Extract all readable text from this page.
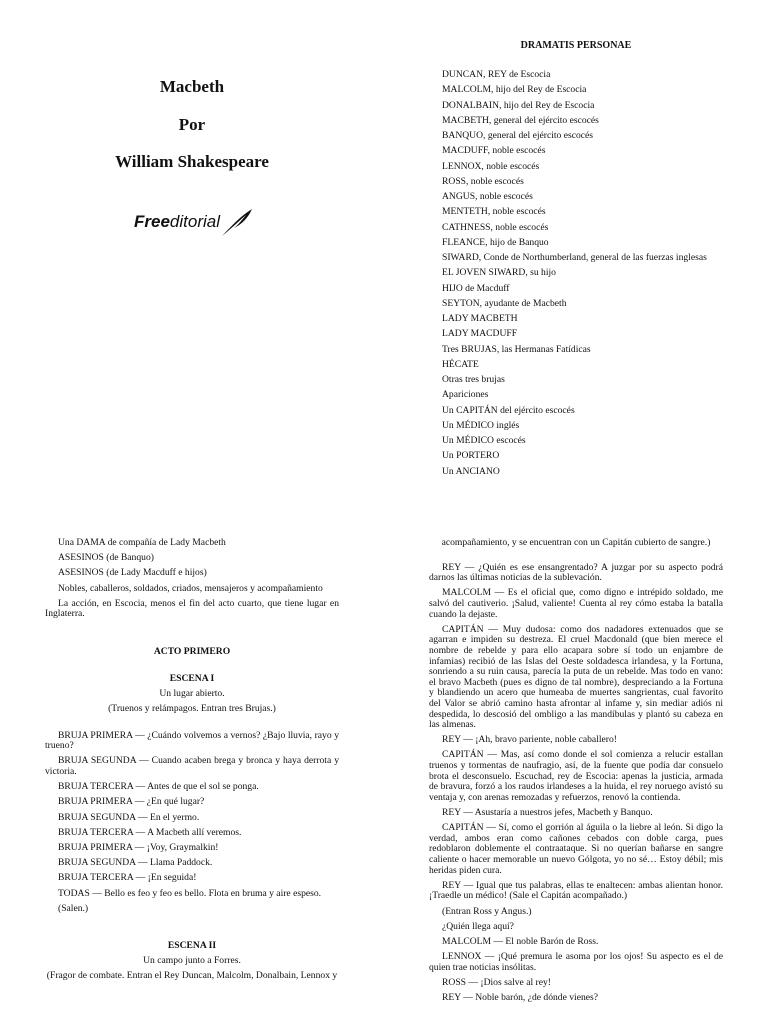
Macbeth
Por
William Shakespeare
Freeditorial
DRAMATIS PERSONAE
DUNCAN, REY de Escocia
MALCOLM, hijo del Rey de Escocia
DONALBAIN, hijo del Rey de Escocia
MACBETH, general del ejército escocés
BANQUO, general del ejército escocés
MACDUFF, noble escocés
LENNOX, noble escocés
ROSS, noble escocés
ANGUS, noble escocés
MENTETH, noble escocés
CATHNESS, noble escocés
FLEANCE, hijo de Banquo
SIWARD, Conde de Northumberland, general de las fuerzas inglesas
EL JOVEN SIWARD, su hijo
HIJO de Macduff
SEYTON, ayudante de Macbeth
LADY MACBETH
LADY MACDUFF
Tres BRUJAS, las Hermanas Fatídicas
HÉCATE
Otras tres brujas
Apariciones
Un CAPITÁN del ejército escocés
Un MÉDICO inglés
Un MÉDICO escocés
Un PORTERO
Un ANCIANO

Una DAMA de compañía de Lady Macbeth

ASESINOS (de Banquo)

ASESINOS (de Lady Macduff e hijos)

Nobles, caballeros, soldados, criados, mensajeros y acompañamiento

La acción, en Escocia, menos el fin del acto cuarto, que tiene lugar en Inglaterra.

ACTO PRIMERO

ESCENA I

Un lugar abierto.

(Truenos y relámpagos. Entran tres Brujas.)

BRUJA PRIMERA — ¿Cuándo volvemos a vernos? ¿Bajo lluvia, rayo y trueno?

BRUJA SEGUNDA — Cuando acaben brega y bronca y haya derrota y victoria.

BRUJA TERCERA — Antes de que el sol se ponga.

BRUJA PRIMERA — ¿En qué lugar?

BRUJA SEGUNDA — En el yermo.

BRUJA TERCERA — A Macbeth allí veremos.

BRUJA PRIMERA — ¡Voy, Graymalkin!

BRUJA SEGUNDA — Llama Paddock.

BRUJA TERCERA — ¡En seguida!

TODAS — Bello es feo y feo es bello. Flota en bruma y aire espeso.

(Salen.)

ESCENA II

Un campo junto a Forres.

(Fragor de combate. Entran el Rey Duncan, Malcolm, Donalbain, Lennox y

acompañamiento, y se encuentran con un Capitán cubierto de sangre.)

REY — ¿Quién es ese ensangrentado? A juzgar por su aspecto podrá darnos las últimas noticias de la sublevación.

MALCOLM — Es el oficial que, como digno e intrépido soldado, me salvó del cautiverio. ¡Salud, valiente! Cuenta al rey cómo estaba la batalla cuando la dejaste.

CAPITÁN — Muy dudosa: como dos nadadores extenuados que se agarran e impiden su destreza. El cruel Macdonald (que bien merece el nombre de rebelde y para ello acapara sobre sí todo un enjambre de infamias) recibió de las Islas del Oeste soldadesca irlandesa, y la Fortuna, sonriendo a su ruin causa, parecía la puta de un rebelde. Mas todo en vano: el bravo Macbeth (pues es digno de tal nombre), despreciando a la Fortuna y blandiendo un acero que humeaba de muertes sangrientas, cual favorito del Valor se abrió camino hasta afrontar al infame y, sin mediar adiós ni despedida, lo descosió del ombligo a las mandíbulas y plantó su cabeza en las almenas.

REY — ¡Ah, bravo pariente, noble caballero!

CAPITÁN — Mas, así como donde el sol comienza a relucir estallan truenos y tormentas de naufragio, así, de la fuente que podía dar consuelo brota el desconsuelo. Escuchad, rey de Escocia: apenas la justicia, armada de bravura, forzó a los raudos irlandeses a la huida, el rey noruego avistó su ventaja y, con arenas remozadas y refuerzos, renovó la contienda.

REY — Asustaría a nuestros jefes, Macbeth y Banquo.

CAPITÁN — Sí, como el gorrión al águila o la liebre al león. Si digo la verdad, ambos eran como cañones cebados con doble carga, pues redoblaron doblemente el contraataque. Si no querían bañarse en sangre caliente o hacer memorable un nuevo Gólgota, yo no sé… Estoy débil; mis heridas piden cura.

REY — Igual que tus palabras, ellas te enaltecen: ambas alientan honor. ¡Traedle un médico! (Sale el Capitán acompañado.)

(Entran Ross y Angus.)

¿Quién llega aquí?

MALCOLM — El noble Barón de Ross.

LENNOX — ¡Qué premura le asoma por los ojos! Su aspecto es el de quien trae noticias insólitas.

ROSS — ¡Dios salve al rey!

REY — Noble barón, ¿de dónde vienes?
